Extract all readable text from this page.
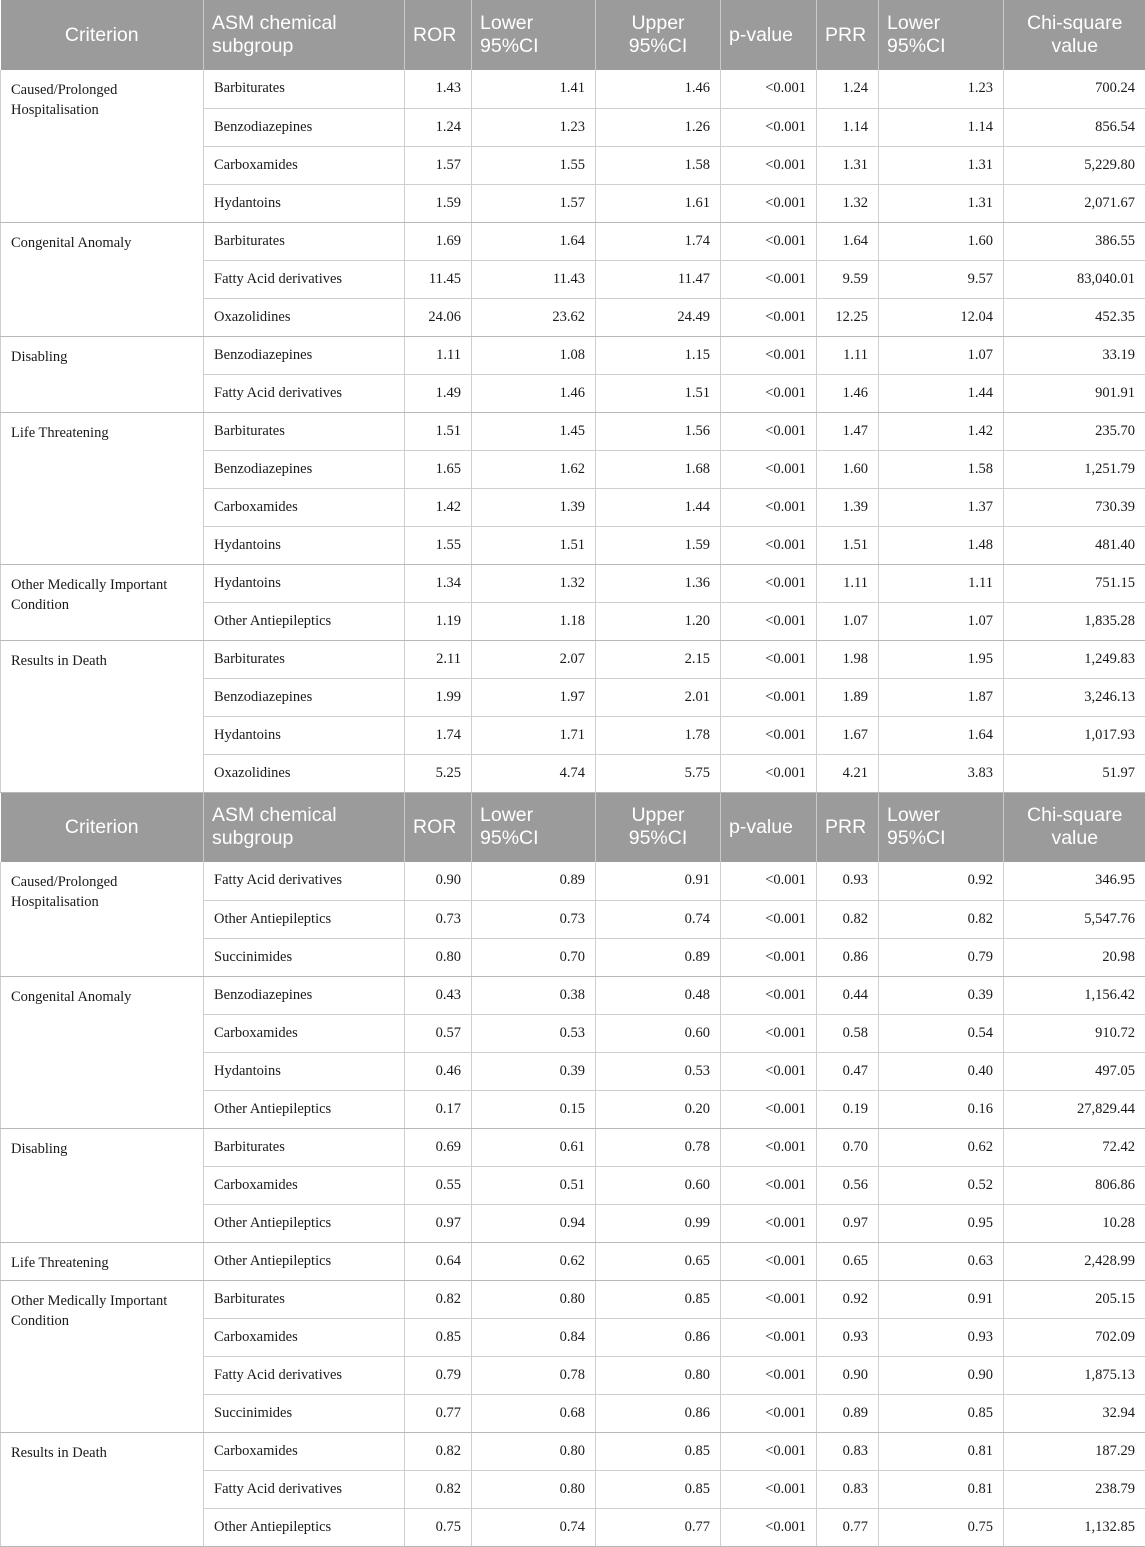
Criterion	ASM chemical subgroup	ROR	Lower 95%CI	Upper 95%CI	p-value	PRR	Lower 95%CI	Chi-square value
Caused/Prolonged Hospitalisation	Barbiturates	1.43	1.41	1.46	<0.001	1.24	1.23	700.24
	Benzodiazepines	1.24	1.23	1.26	<0.001	1.14	1.14	856.54
	Carboxamides	1.57	1.55	1.58	<0.001	1.31	1.31	5,229.80
	Hydantoins	1.59	1.57	1.61	<0.001	1.32	1.31	2,071.67
Congenital Anomaly	Barbiturates	1.69	1.64	1.74	<0.001	1.64	1.60	386.55
	Fatty Acid derivatives	11.45	11.43	11.47	<0.001	9.59	9.57	83,040.01
	Oxazolidines	24.06	23.62	24.49	<0.001	12.25	12.04	452.35
Disabling	Benzodiazepines	1.11	1.08	1.15	<0.001	1.11	1.07	33.19
	Fatty Acid derivatives	1.49	1.46	1.51	<0.001	1.46	1.44	901.91
Life Threatening	Barbiturates	1.51	1.45	1.56	<0.001	1.47	1.42	235.70
	Benzodiazepines	1.65	1.62	1.68	<0.001	1.60	1.58	1,251.79
	Carboxamides	1.42	1.39	1.44	<0.001	1.39	1.37	730.39
	Hydantoins	1.55	1.51	1.59	<0.001	1.51	1.48	481.40
Other Medically Important Condition	Hydantoins	1.34	1.32	1.36	<0.001	1.11	1.11	751.15
	Other Antiepileptics	1.19	1.18	1.20	<0.001	1.07	1.07	1,835.28
Results in Death	Barbiturates	2.11	2.07	2.15	<0.001	1.98	1.95	1,249.83
	Benzodiazepines	1.99	1.97	2.01	<0.001	1.89	1.87	3,246.13
	Hydantoins	1.74	1.71	1.78	<0.001	1.67	1.64	1,017.93
	Oxazolidines	5.25	4.74	5.75	<0.001	4.21	3.83	51.97
Criterion	ASM chemical subgroup	ROR	Lower 95%CI	Upper 95%CI	p-value	PRR	Lower 95%CI	Chi-square value
Caused/Prolonged Hospitalisation	Fatty Acid derivatives	0.90	0.89	0.91	<0.001	0.93	0.92	346.95
	Other Antiepileptics	0.73	0.73	0.74	<0.001	0.82	0.82	5,547.76
	Succinimides	0.80	0.70	0.89	<0.001	0.86	0.79	20.98
Congenital Anomaly	Benzodiazepines	0.43	0.38	0.48	<0.001	0.44	0.39	1,156.42
	Carboxamides	0.57	0.53	0.60	<0.001	0.58	0.54	910.72
	Hydantoins	0.46	0.39	0.53	<0.001	0.47	0.40	497.05
	Other Antiepileptics	0.17	0.15	0.20	<0.001	0.19	0.16	27,829.44
Disabling	Barbiturates	0.69	0.61	0.78	<0.001	0.70	0.62	72.42
	Carboxamides	0.55	0.51	0.60	<0.001	0.56	0.52	806.86
	Other Antiepileptics	0.97	0.94	0.99	<0.001	0.97	0.95	10.28
Life Threatening	Other Antiepileptics	0.64	0.62	0.65	<0.001	0.65	0.63	2,428.99
Other Medically Important Condition	Barbiturates	0.82	0.80	0.85	<0.001	0.92	0.91	205.15
	Carboxamides	0.85	0.84	0.86	<0.001	0.93	0.93	702.09
	Fatty Acid derivatives	0.79	0.78	0.80	<0.001	0.90	0.90	1,875.13
	Succinimides	0.77	0.68	0.86	<0.001	0.89	0.85	32.94
Results in Death	Carboxamides	0.82	0.80	0.85	<0.001	0.83	0.81	187.29
	Fatty Acid derivatives	0.82	0.80	0.85	<0.001	0.83	0.81	238.79
	Other Antiepileptics	0.75	0.74	0.77	<0.001	0.77	0.75	1,132.85
